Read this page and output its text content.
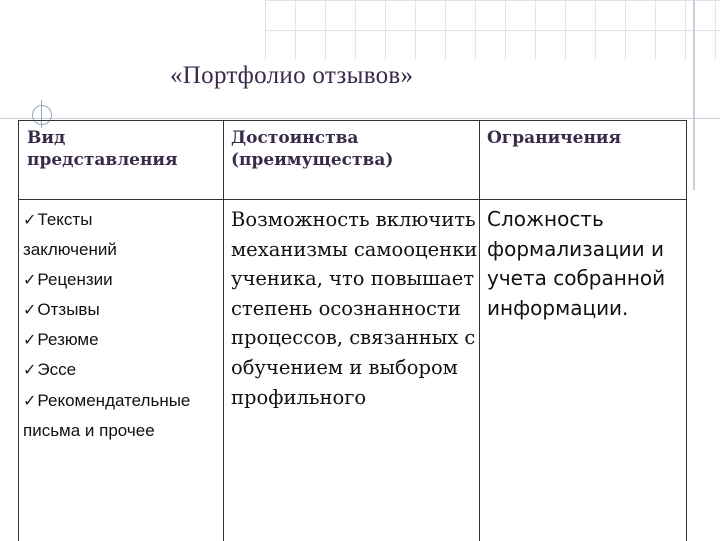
«Портфолио отзывов»
Вид представления
Достоинства (преимущества)
Ограничения
✓Тексты
заключений
✓Рецензии
✓Отзывы
✓Резюме
✓Эссе
✓Рекомендательные
письма и прочее
Возможность включить механизмы самооценки ученика, что повышает степень осознанности процессов, связанных с обучением и выбором профильного
Сложность формализации и учета собранной информации.
